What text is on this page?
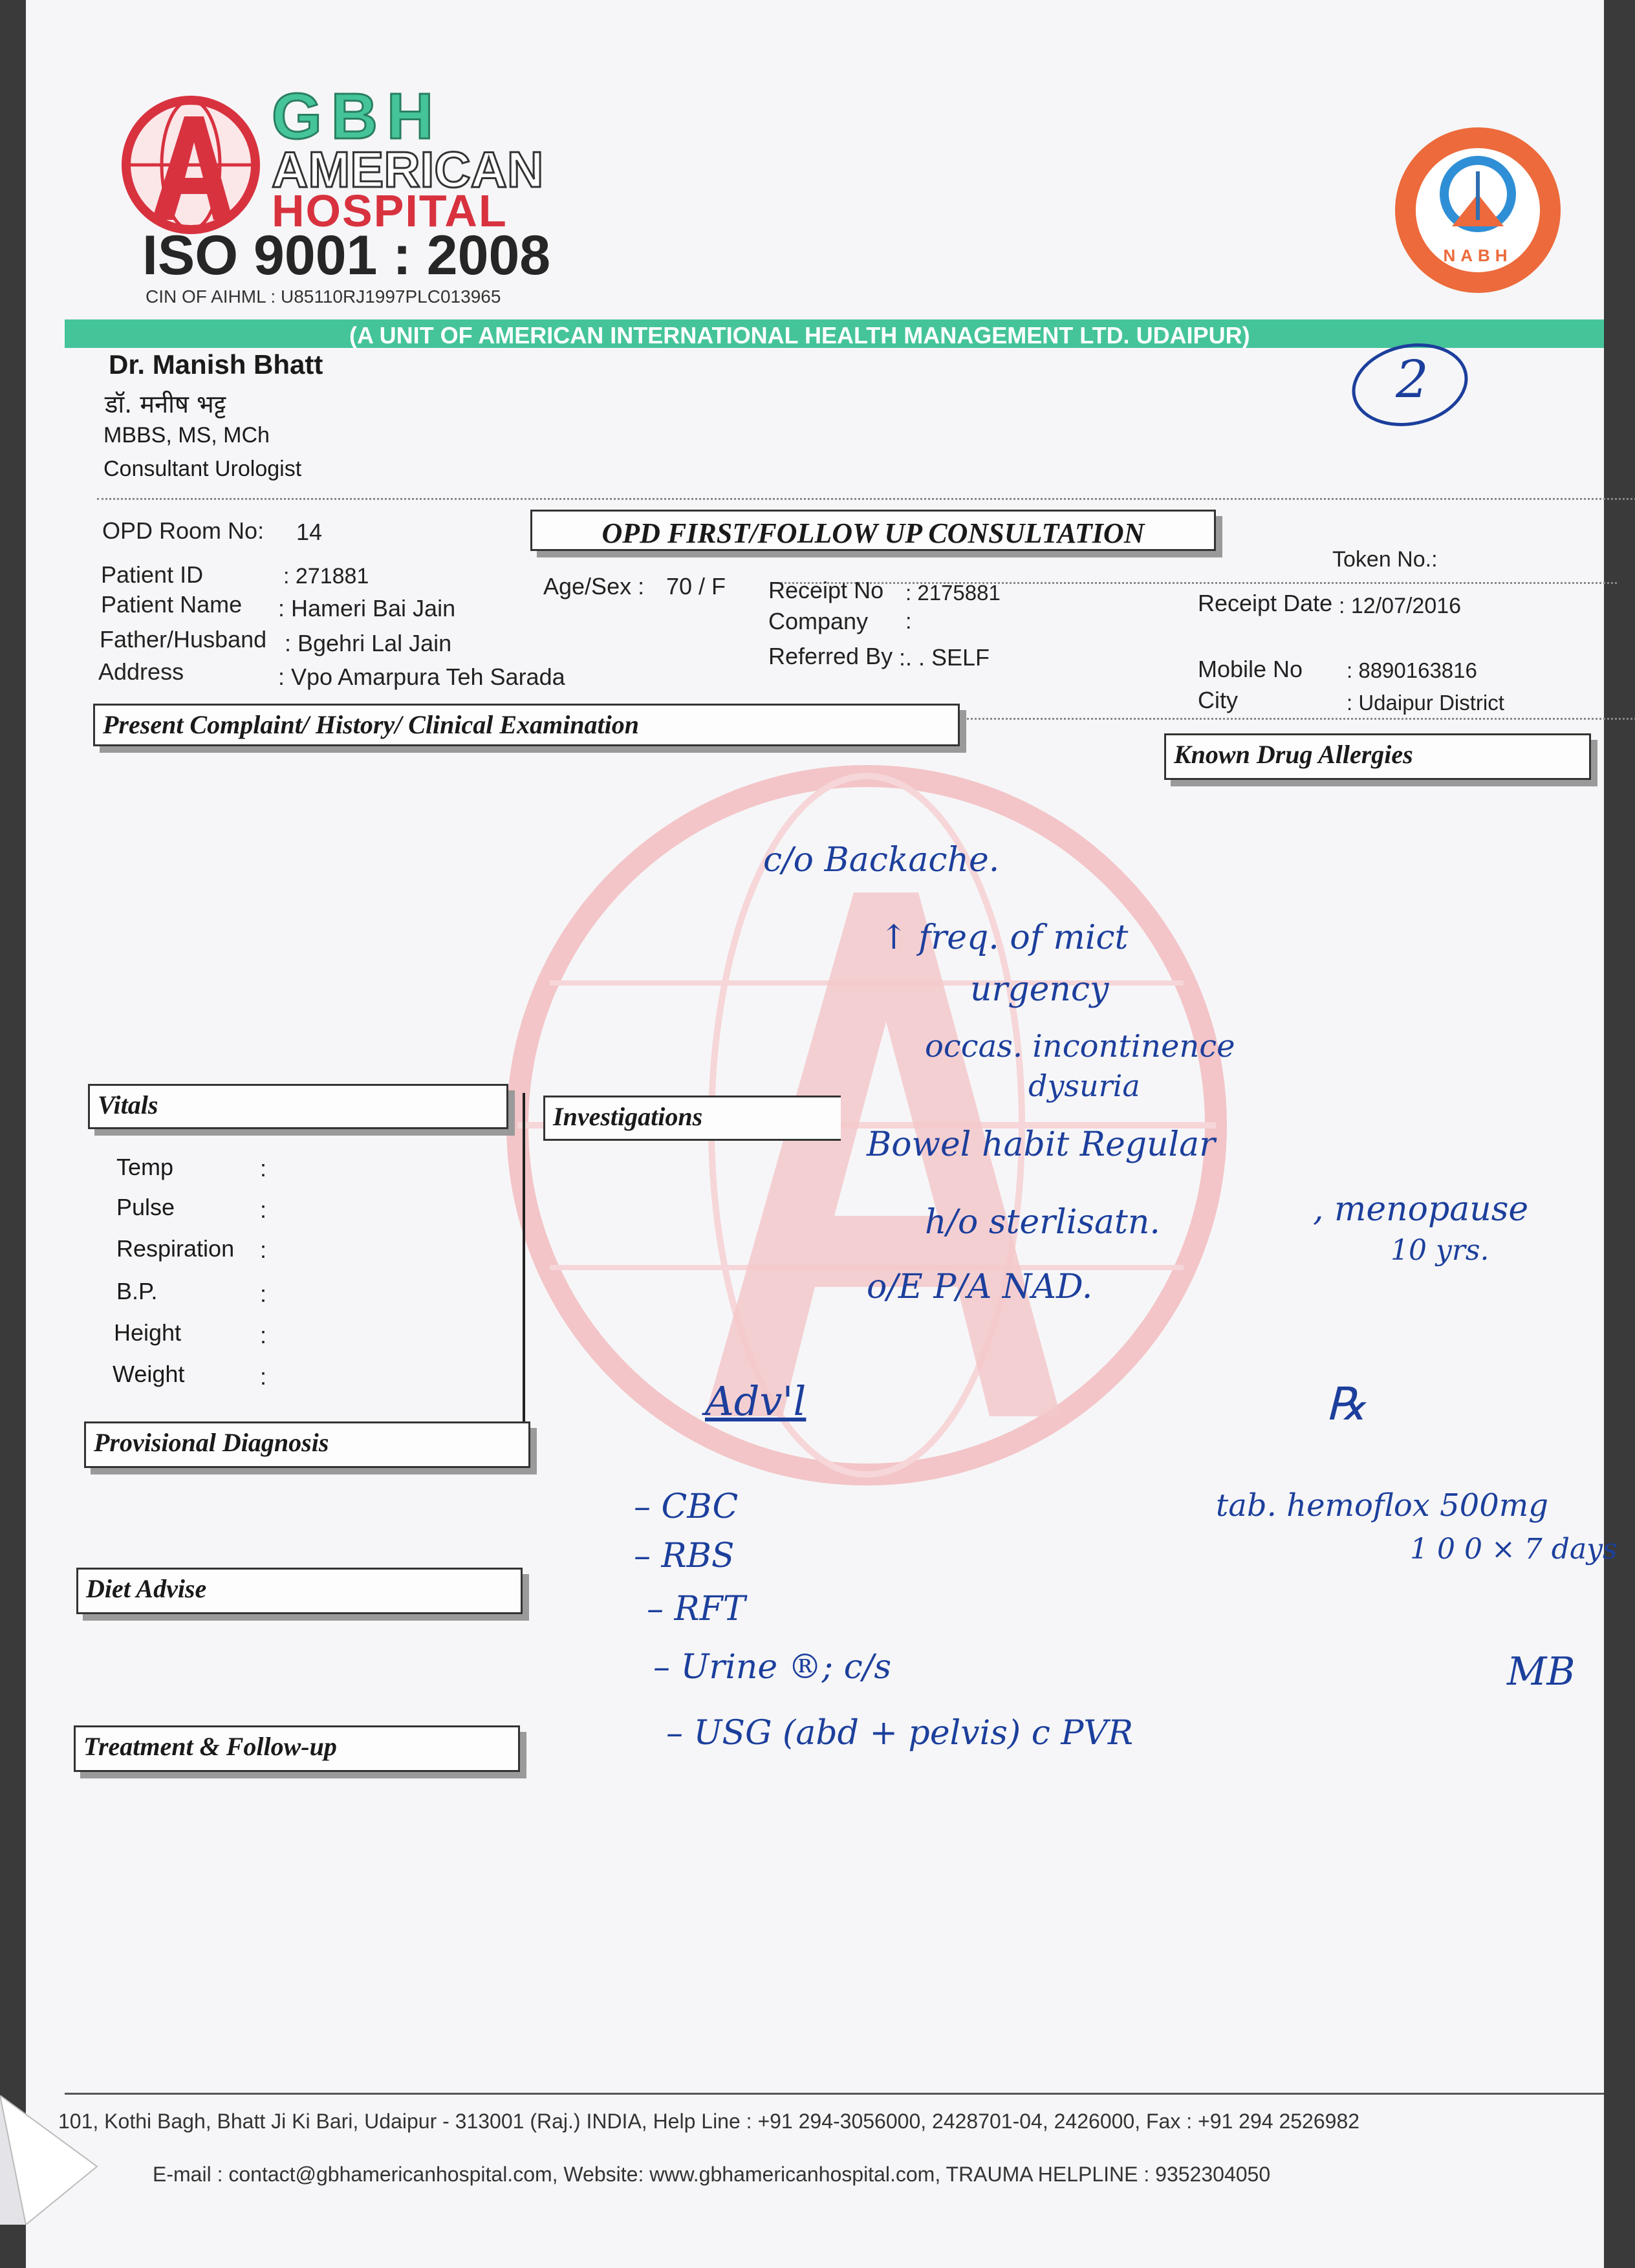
GBH
AMERICAN
HOSPITAL
ISO 9001 : 2008
CIN OF AIHML : U85110RJ1997PLC013965
NABH
(A UNIT OF AMERICAN INTERNATIONAL HEALTH MANAGEMENT LTD. UDAIPUR)
Dr. Manish Bhatt
डॉ. मनीष भट्ट
MBBS, MS, MCh
Consultant Urologist
2
OPD Room No: 14	OPD FIRST/FOLLOW UP CONSULTATION
Token No.:
Patient ID	: 271881
Patient Name : Hameri Bai Jain
Father/Husband : Bgehri Lal Jain
Address	: Vpo Amarpura Teh Sarada
Age/Sex : 70 / F Receipt No : 2175881
Company :
Referred By :. . SELF
Receipt Date : 12/07/2016
Mobile No : 8890163816
City	: Udaipur District
Present Complaint/ History/ Clinical Examination
Known Drug Allergies
Vitals	Investigations
Temp	:
Pulse	:
Respiration :
B.P.	:
Height	:
Weight	:
Provisional Diagnosis
Diet Advise
Treatment & Follow-up
c/o Backache.
↑ freq. of mict
urgency
occas. incontinence
dysuria
Bowel habit Regular
h/o sterlisatn.	, menopause
10 yrs.
o/E P/A NAD.
Adv'l
– CBC
– RBS
– RFT
– Urine ®; c/s
– USG (abd + pelvis) c PVR
℞
tab. hemoflox 500mg
1 0 0 × 7 days
MB
101, Kothi Bagh, Bhatt Ji Ki Bari, Udaipur - 313001 (Raj.) INDIA, Help Line : +91 294-3056000, 2428701-04, 2426000, Fax : +91 294 2526982
E-mail : contact@gbhamericanhospital.com, Website: www.gbhamericanhospital.com, TRAUMA HELPLINE : 9352304050
